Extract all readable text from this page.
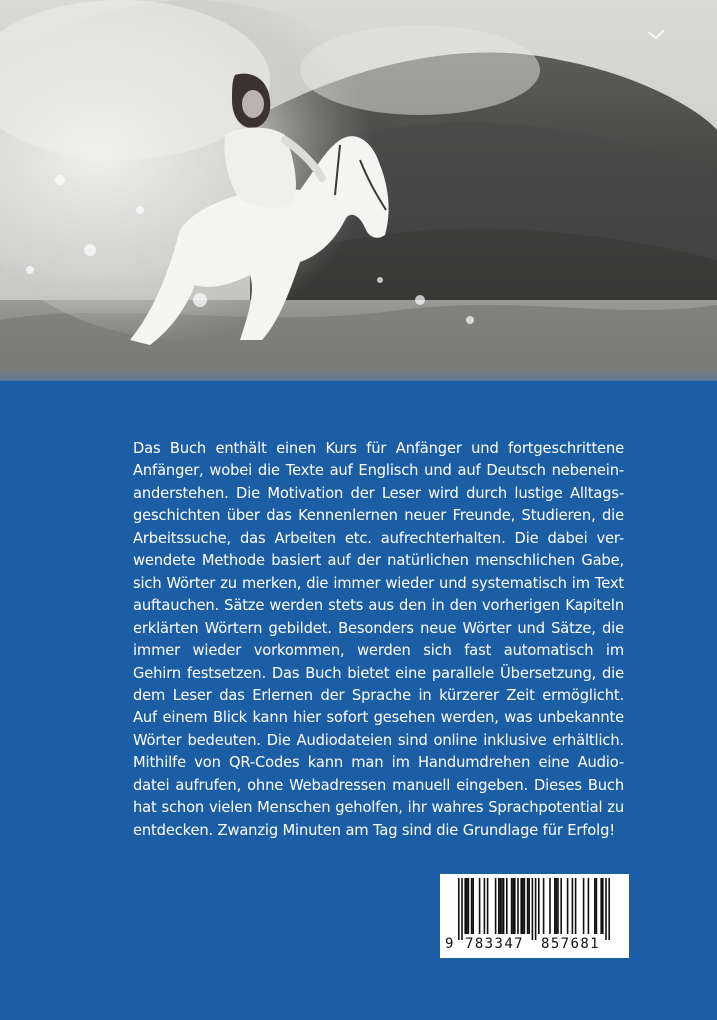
Das Buch enthält einen Kurs für Anfänger und fortgeschrittene
Anfänger, wobei die Texte auf Englisch und auf Deutsch nebenein-
anderstehen. Die Motivation der Leser wird durch lustige Alltags-
geschichten über das Kennenlernen neuer Freunde, Studieren, die
Arbeitssuche, das Arbeiten etc. aufrechterhalten. Die dabei ver-
wendete Methode basiert auf der natürlichen menschlichen Gabe,
sich Wörter zu merken, die immer wieder und systematisch im Text
auftauchen. Sätze werden stets aus den in den vorherigen Kapiteln
erklärten Wörtern gebildet. Besonders neue Wörter und Sätze, die
immer wieder vorkommen, werden sich fast automatisch im
Gehirn festsetzen. Das Buch bietet eine parallele Übersetzung, die
dem Leser das Erlernen der Sprache in kürzerer Zeit ermöglicht.
Auf einem Blick kann hier sofort gesehen werden, was unbekannte
Wörter bedeuten. Die Audiodateien sind online inklusive erhältlich.
Mithilfe von QR-Codes kann man im Handumdrehen eine Audio-
datei aufrufen, ohne Webadressen manuell eingeben. Dieses Buch
hat schon vielen Menschen geholfen, ihr wahres Sprachpotential zu
entdecken. Zwanzig Minuten am Tag sind die Grundlage für Erfolg!

9 783347 857681
